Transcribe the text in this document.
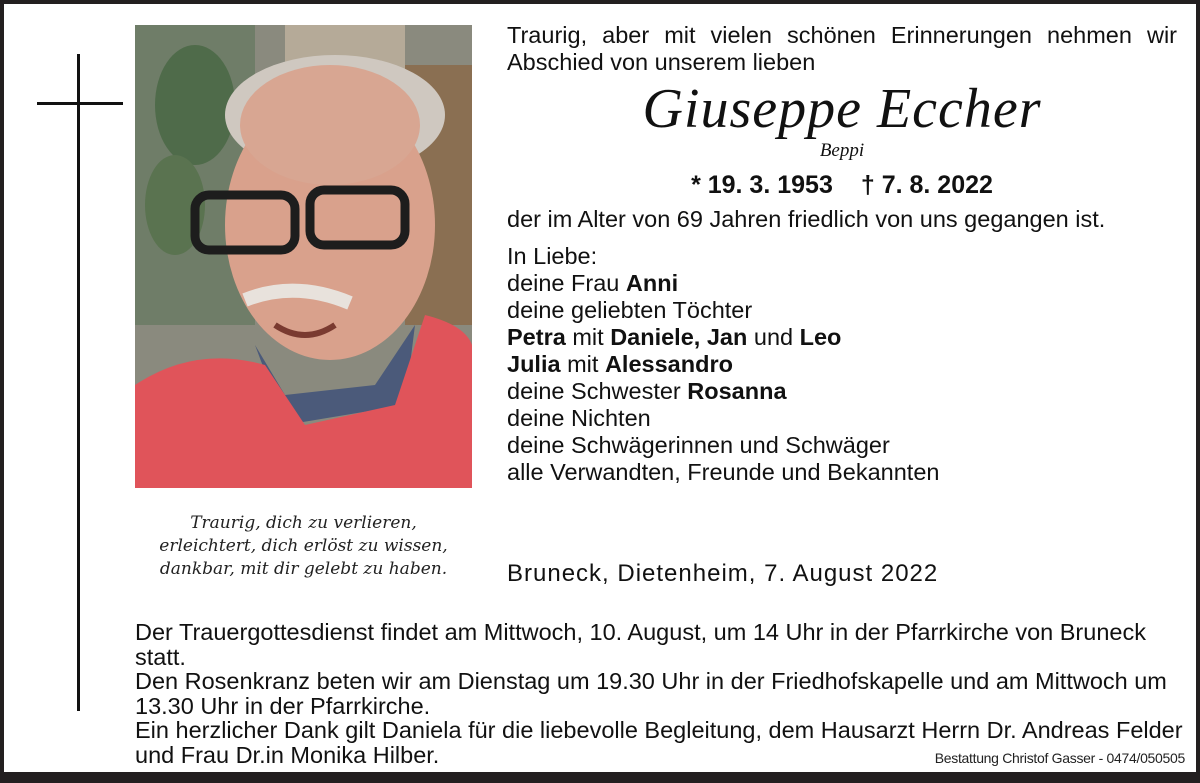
Traurig, dich zu verlieren,
erleichtert, dich erlöst zu wissen,
dankbar, mit dir gelebt zu haben.

Traurig, aber mit vielen schönen Erinnerungen nehmen wir Abschied von unserem lieben

Giuseppe Eccher

Beppi

* 19. 3. 1953 † 7. 8. 2022

der im Alter von 69 Jahren friedlich von uns gegangen ist.

In Liebe:

deine Frau Anni

deine geliebten Töchter

Petra mit Daniele, Jan und Leo

Julia mit Alessandro

deine Schwester Rosanna

deine Nichten

deine Schwägerinnen und Schwäger

alle Verwandten, Freunde und Bekannten

Bruneck, Dietenheim, 7. August 2022

Der Trauergottesdienst findet am Mittwoch, 10. August, um 14 Uhr in der Pfarrkirche von Bruneck statt.

Den Rosenkranz beten wir am Dienstag um 19.30 Uhr in der Friedhofskapelle und am Mittwoch um 13.30 Uhr in der Pfarrkirche.

Ein herzlicher Dank gilt Daniela für die liebevolle Begleitung, dem Hausarzt Herrn Dr. Andreas Felder und Frau Dr.in Monika Hilber.	Bestattung Christof Gasser - 0474/050505
